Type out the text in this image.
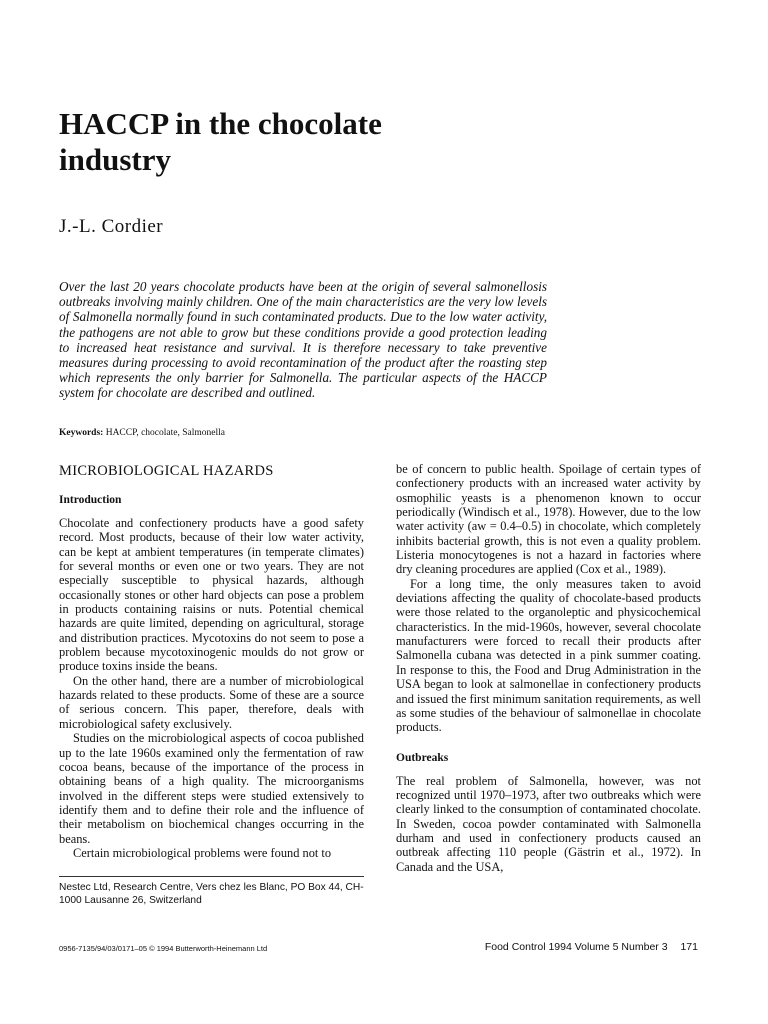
HACCP in the chocolate
industry
J.-L. Cordier

Over the last 20 years chocolate products have been at the origin of several salmonellosis outbreaks involving mainly children. One of the main characteristics are the very low levels of Salmonella normally found in such contaminated products. Due to the low water activity, the pathogens are not able to grow but these conditions provide a good protection leading to increased heat resistance and survival. It is therefore necessary to take preventive measures during processing to avoid recontamination of the product after the roasting step which represents the only barrier for Salmonella. The particular aspects of the HACCP system for chocolate are described and outlined.

Keywords: HACCP, chocolate, Salmonella
MICROBIOLOGICAL HAZARDS
Introduction

Chocolate and confectionery products have a good safety record. Most products, because of their low water activity, can be kept at ambient temperatures (in temperate climates) for several months or even one or two years. They are not especially susceptible to physical hazards, although occasionally stones or other hard objects can pose a problem in products containing raisins or nuts. Potential chemical hazards are quite limited, depending on agricultural, storage and distribution practices. Mycotoxins do not seem to pose a problem because mycotoxinogenic moulds do not grow or produce toxins inside the beans.

On the other hand, there are a number of microbiological hazards related to these products. Some of these are a source of serious concern. This paper, therefore, deals with microbiological safety exclusively.

Studies on the microbiological aspects of cocoa published up to the late 1960s examined only the fermentation of raw cocoa beans, because of the importance of the process in obtaining beans of a high quality. The microorganisms involved in the different steps were studied extensively to identify them and to define their role and the influence of their metabolism on biochemical changes occurring in the beans.

Certain microbiological problems were found not to

be of concern to public health. Spoilage of certain types of confectionery products with an increased water activity by osmophilic yeasts is a phenomenon known to occur periodically (Windisch et al., 1978). However, due to the low water activity (aw = 0.4–0.5) in chocolate, which completely inhibits bacterial growth, this is not even a quality problem. Listeria monocytogenes is not a hazard in factories where dry cleaning procedures are applied (Cox et al., 1989).

For a long time, the only measures taken to avoid deviations affecting the quality of chocolate-based products were those related to the organoleptic and physicochemical characteristics. In the mid-1960s, however, several chocolate manufacturers were forced to recall their products after Salmonella cubana was detected in a pink summer coating. In response to this, the Food and Drug Administration in the USA began to look at salmonellae in confectionery products and issued the first minimum sanitation requirements, as well as some studies of the behaviour of salmonellae in chocolate products.

Outbreaks

The real problem of Salmonella, however, was not recognized until 1970–1973, after two outbreaks which were clearly linked to the consumption of contaminated chocolate. In Sweden, cocoa powder contaminated with Salmonella durham and used in confectionery products caused an outbreak affecting 110 people (Gästrin et al., 1972). In Canada and the USA,

Nestec Ltd, Research Centre, Vers chez les Blanc, PO Box 44, CH-1000 Lausanne 26, Switzerland
0956-7135/94/03/0171–05 © 1994 Butterworth-Heinemann Ltd	Food Control 1994 Volume 5 Number 3 171
